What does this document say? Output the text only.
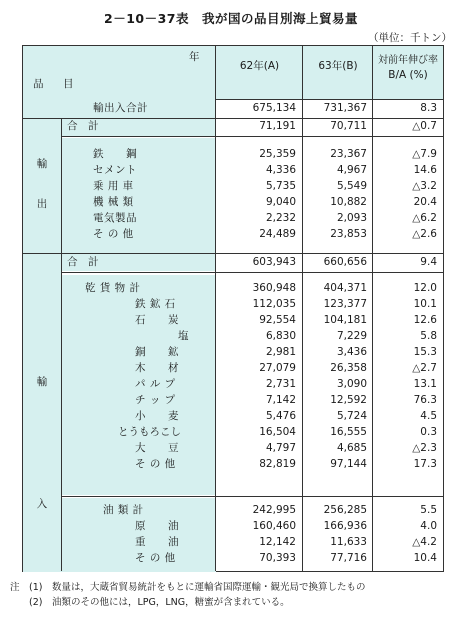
2－10－37表　我が国の品目別海上貿易量
（単位：千トン）
年
品 目
62年(A)	63年(B)	対前年伸び率
B/A (%)
輸出入合計	675,134	731,367	8.3
輸
出
合　計	71,191	70,711	△0.7
鉄　　鋼	25,359	23,367	△7.9
セメント	4,336	4,967	14.6
乗 用 車	5,735	5,549	△3.2
機 械 類	9,040	10,882	20.4
電気製品	2,232	2,093	△6.2
そ の 他	24,489	23,853	△2.6
輸
入
合　計	603,943	660,656	9.4
乾 貨 物 計	360,948	404,371	12.0
鉄 鉱 石	112,035	123,377	10.1
石　　炭	92,554	104,181	12.6
塩	6,830	7,229	5.8
銅　　鉱	2,981	3,436	15.3
木　　材	27,079	26,358	△2.7
パ ル プ	2,731	3,090	13.1
チ ッ プ	7,142	12,592	76.3
小　　麦	5,476	5,724	4.5
とうもろこし	16,504	16,555	0.3
大　　豆	4,797	4,685	△2.3
そ の 他	82,819	97,144	17.3
油 類 計	242,995	256,285	5.5
原　　油	160,460	166,936	4.0
重　　油	12,142	11,633	△4.2
そ の 他	70,393	77,716	10.4
注　(1)　数量は，大蔵省貿易統計をもとに運輸省国際運輸・観光局で換算したもの
　　(2)　油類のその他には，LPG，LNG，糖蜜が含まれている。
